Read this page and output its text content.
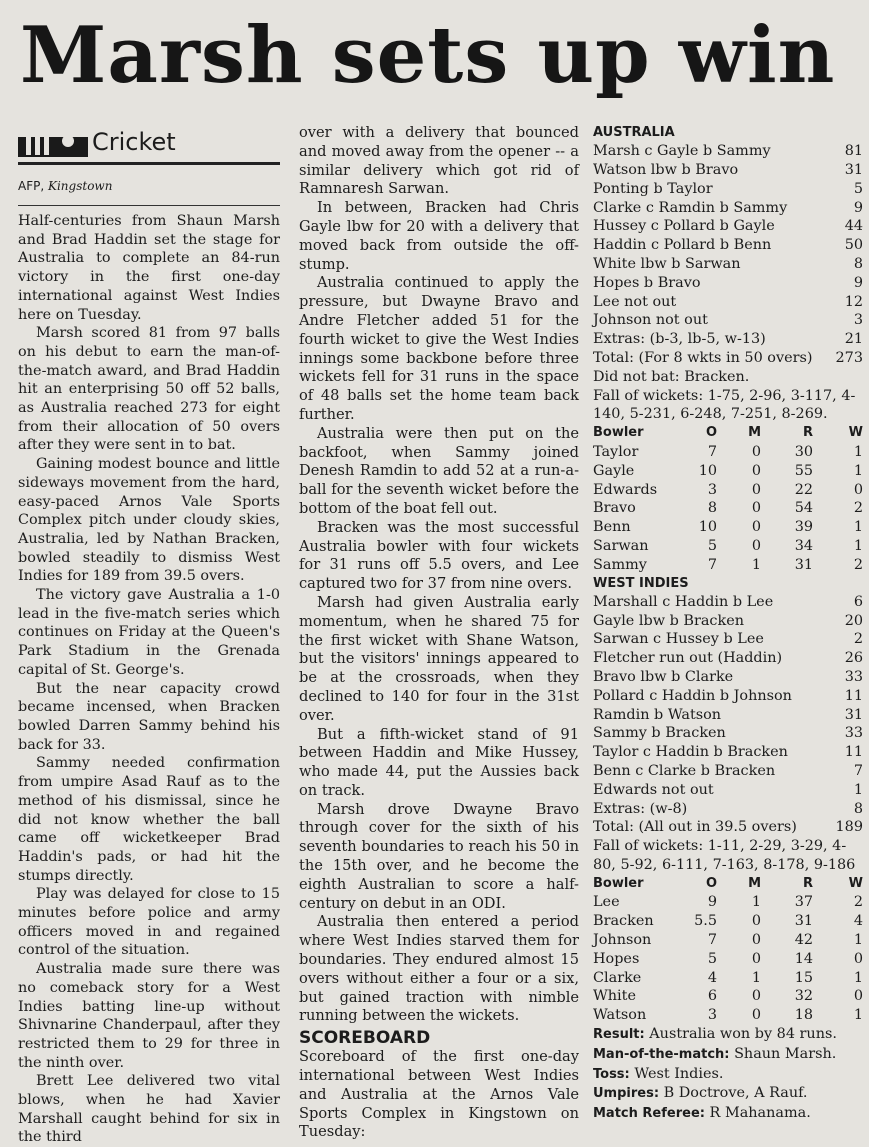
Marsh sets up win
Cricket
AFP, Kingstown

Half-centuries from Shaun Marsh and Brad Haddin set the stage for Australia to complete an 84-run victory in the first one-day international against West Indies here on Tuesday.

Marsh scored 81 from 97 balls on his debut to earn the man-of-the-match award, and Brad Haddin hit an enterprising 50 off 52 balls, as Australia reached 273 for eight from their allocation of 50 overs after they were sent in to bat.

Gaining modest bounce and little sideways movement from the hard, easy-paced Arnos Vale Sports Complex pitch under cloudy skies, Australia, led by Nathan Bracken, bowled steadily to dismiss West Indies for 189 from 39.5 overs.

The victory gave Australia a 1-0 lead in the five-match series which continues on Friday at the Queen's Park Stadium in the Grenada capital of St. George's.

But the near capacity crowd became incensed, when Bracken bowled Darren Sammy behind his back for 33.

Sammy needed confirmation from umpire Asad Rauf as to the method of his dismissal, since he did not know whether the ball came off wicketkeeper Brad Haddin's pads, or had hit the stumps directly.

Play was delayed for close to 15 minutes before police and army officers moved in and regained control of the situation.

Australia made sure there was no comeback story for a West Indies batting line-up without Shivnarine Chanderpaul, after they restricted them to 29 for three in the ninth over.

Brett Lee delivered two vital blows, when he had Xavier Marshall caught behind for six in the third

over with a delivery that bounced and moved away from the opener -- a similar delivery which got rid of Ramnaresh Sarwan.

In between, Bracken had Chris Gayle lbw for 20 with a delivery that moved back from outside the off-stump.

Australia continued to apply the pressure, but Dwayne Bravo and Andre Fletcher added 51 for the fourth wicket to give the West Indies innings some backbone before three wickets fell for 31 runs in the space of 48 balls set the home team back further.

Australia were then put on the backfoot, when Sammy joined Denesh Ramdin to add 52 at a run-a-ball for the seventh wicket before the bottom of the boat fell out.

Bracken was the most successful Australia bowler with four wickets for 31 runs off 5.5 overs, and Lee captured two for 37 from nine overs.

Marsh had given Australia early momentum, when he shared 75 for the first wicket with Shane Watson, but the visitors' innings appeared to be at the crossroads, when they declined to 140 for four in the 31st over.

But a fifth-wicket stand of 91 between Haddin and Mike Hussey, who made 44, put the Aussies back on track.

Marsh drove Dwayne Bravo through cover for the sixth of his seventh boundaries to reach his 50 in the 15th over, and he become the eighth Australian to score a half-century on debut in an ODI.

Australia then entered a period where West Indies starved them for boundaries. They endured almost 15 overs without either a four or a six, but gained traction with nimble running between the wickets.

SCOREBOARD

Scoreboard of the first one-day international between West Indies and Australia at the Arnos Vale Sports Complex in Kingstown on Tuesday:

AUSTRALIA
Marsh c Gayle b Sammy	81
Watson lbw b Bravo	31
Ponting b Taylor	5
Clarke c Ramdin b Sammy	9
Hussey c Pollard b Gayle	44
Haddin c Pollard b Benn	50
White lbw b Sarwan	8
Hopes b Bravo	9
Lee not out	12
Johnson not out	3
Extras: (b-3, lb-5, w-13)	21
Total: (For 8 wkts in 50 overs) 273
Did not bat: Bracken.
Fall of wickets: 1-75, 2-96, 3-117, 4-140, 5-231, 6-248, 7-251, 8-269.
Bowler	O	M	R	W
Taylor	7	0	30	1
Gayle	10	0	55	1
Edwards	3	0	22	0
Bravo	8	0	54	2
Benn	10	0	39	1
Sarwan	5	0	34	1
Sammy	7	1	31	2
WEST INDIES
Marshall c Haddin b Lee	6
Gayle lbw b Bracken	20
Sarwan c Hussey b Lee	2
Fletcher run out (Haddin)	26
Bravo lbw b Clarke	33
Pollard c Haddin b Johnson	11
Ramdin b Watson	31
Sammy b Bracken	33
Taylor c Haddin b Bracken	11
Benn c Clarke b Bracken	7
Edwards not out	1
Extras: (w-8)	8
Total: (All out in 39.5 overs)	189
Fall of wickets: 1-11, 2-29, 3-29, 4-80, 5-92, 6-111, 7-163, 8-178, 9-186
Bowler	O	M	R	W
Lee	9	1	37	2
Bracken	5.5	0	31	4
Johnson	7	0	42	1
Hopes	5	0	14	0
Clarke	4	1	15	1
White	6	0	32	0
Watson	3	0	18	1
Result: Australia won by 84 runs.
Man-of-the-match: Shaun Marsh.
Toss: West Indies.
Umpires: B Doctrove, A Rauf.
Match Referee: R Mahanama.
